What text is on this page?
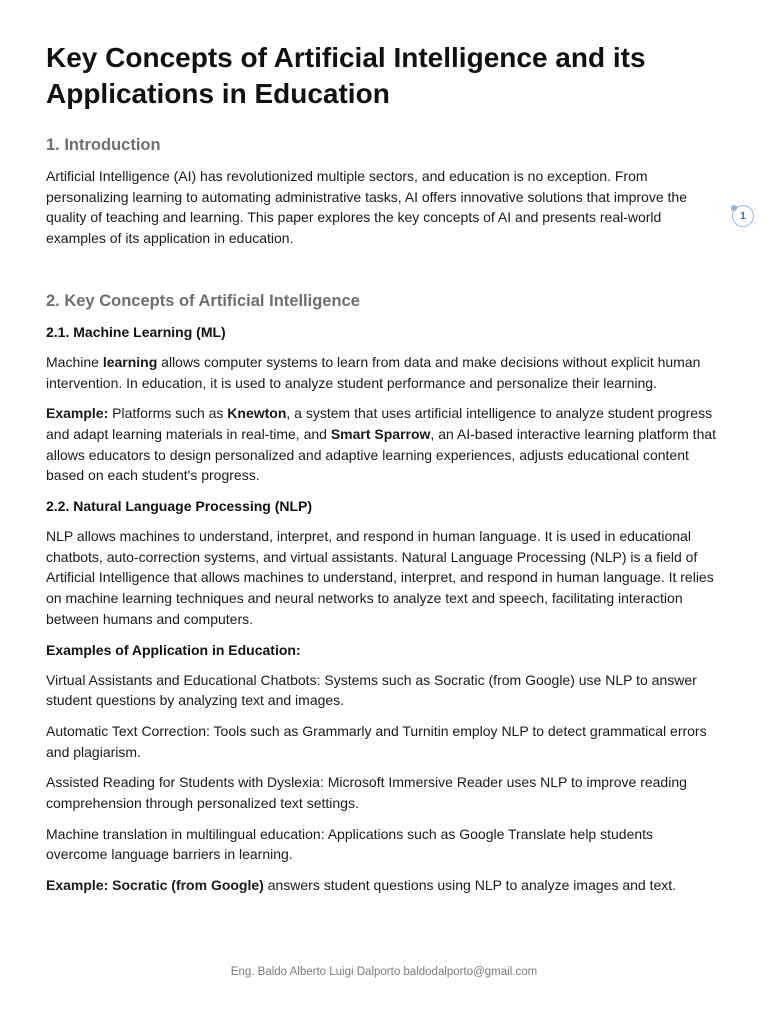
Key Concepts of Artificial Intelligence and its
Applications in Education
1. Introduction

Artificial Intelligence (AI) has revolutionized multiple sectors, and education is no exception. From personalizing learning to automating administrative tasks, AI offers innovative solutions that improve the quality of teaching and learning. This paper explores the key concepts of AI and presents real-world examples of its application in education.

2. Key Concepts of Artificial Intelligence
2.1. Machine Learning (ML)

Machine learning allows computer systems to learn from data and make decisions without explicit human intervention. In education, it is used to analyze student performance and personalize their learning.

Example: Platforms such as Knewton, a system that uses artificial intelligence to analyze student progress and adapt learning materials in real-time, and Smart Sparrow, an AI-based interactive learning platform that allows educators to design personalized and adaptive learning experiences, adjusts educational content based on each student's progress.

2.2. Natural Language Processing (NLP)

NLP allows machines to understand, interpret, and respond in human language. It is used in educational chatbots, auto-correction systems, and virtual assistants. Natural Language Processing (NLP) is a field of Artificial Intelligence that allows machines to understand, interpret, and respond in human language. It relies on machine learning techniques and neural networks to analyze text and speech, facilitating interaction between humans and computers.

Examples of Application in Education:

Virtual Assistants and Educational Chatbots: Systems such as Socratic (from Google) use NLP to answer student questions by analyzing text and images.

Automatic Text Correction: Tools such as Grammarly and Turnitin employ NLP to detect grammatical errors and plagiarism.

Assisted Reading for Students with Dyslexia: Microsoft Immersive Reader uses NLP to improve reading comprehension through personalized text settings.

Machine translation in multilingual education: Applications such as Google Translate help students overcome language barriers in learning.

Example: Socratic (from Google) answers student questions using NLP to analyze images and text.

1
Eng. Baldo Alberto Luigi Dalporto baldodalporto@gmail.com
